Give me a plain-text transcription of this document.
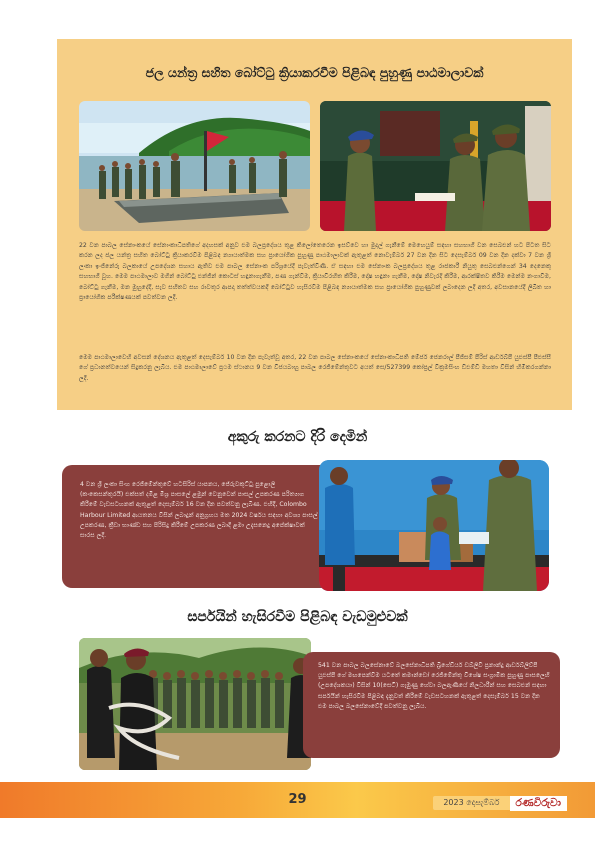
ජල යන්ත්‍ර සහිත බෝට්ටු ක්‍රියාකරවීම පිළිබඳ පුහුණු පාඨමාලාවක්
22 වන පාබල සේනාංකයේ සේනාංකාධිපතිගේ අදහසක් අනුව එම බලප්‍රදේශය තුළ කිලෝතෙරෙන ඉසව්වෙ හා මුදල් ගැනීමේ මෙහෙයුම් සඳහා සහභාගී වන සෙබළුන් හට පිටත සිට කරන ලද ජල යන්ත්‍ර සහිත බෝට්ටු ක්‍රියාකරවීම පිළිබඳ න්‍යායාත්මක සහ ප්‍රායෝගික පුහුණු පාඨමාලාවක් ඇතුළත් නොවැම්බර් 27 වන දින සිට දෙසැම්බර් 09 වන දින දක්වා 7 වන ශ්‍රී ලංකා ඉංජිනේරු බලකායේ උපදේශන සහාය ඇතිව එම පාබල සේනාංක පරිශ්‍රයේදී පැවැත්විණි. ඒ සඳහා එම සේනාංක බලප්‍රදේශය තුළ රාජකාරී නියුතු සෙබළුන්ගෙන් 34 දෙනෙකු සහභාගී වූහ. මෙම පාඨමාලාව මගින් බෝට්ටු එන්ජින් කොටස් හඳුනාගැනීම, පණ ගැන්වීම, ක්‍රියාවිරහිත කිරීම, දෝෂ හඳුනා ගැනීම, දෝෂ නිවැරදි කිරීම, ආරක්ෂිතව කිරීම මෙන්ම නංගාවීම, බෝට්ටු ගැනීම, මන මුහුදේදී, සැව සහිතව සහ රාවතුර ආපදා තත්ත්වයකදී බෝට්ටුව හැසිරවීම පිළිබඳ න්‍යායාත්මක සහ ප්‍රායෝගික පුහුණුවක් ලබාදෙන ලදී අතර, අවසානයේදී ලිඛිත හා ප්‍රායෝගික පරීක්ෂණයක් පවත්වන ලදී.
මෙම පාඨමාලාවෙහි අවසන් දේශනය ඇතුළත් දෙසැම්බර් 10 වන දින පැවැත්වූ අතර, 22 වන පාබල සේනාංකයේ සේනාංකාධිපති මේජර් ජෙනරාල් පීජිසම් පීරිස් ආර්ඩබ්පී යුඑස්පී පීඑස්සී ගේ ප්‍රධානත්වයෙන් සිදුකරනු ලැබිය. එම පාඨමාලාවේ ප්‍රථම ස්ථානය 9 වන විජයබාහු පාබල රෙජිමේන්තුවට අයත් සෙ/527399 කෝප්‍රල් වික්‍රමසිංහ ඩීඑම්ඩී මහතා විසින් හිමිකරගන්නා ලදී.
අකුරු කරනට දිරි දෙමින්
4 වන ශ්‍රී ලංකා සිංහ රෙජිමේන්තුවේ හටසිරිස් යාපනය, ජේරුවකුට්ටු පුළොලි (කංකෙසන්තුරයි) එක්සත් දමිළ මිශ්‍ර පාසලේ ළමුන් වෙනුවෙන් පාසල් උපකරණ පරිත්‍යාග කිරීමේ වැඩසටහනක් ඇතුළත් දෙසැම්බර් 16 වන දින පවත්වනු ලැබිණ. එහිදී, Colombo Harbour Limited ආයතනය විසින් ලබාදුන් අනුග්‍රහය මත 2024 වර්ෂය සඳහා අවශ්‍ය පාසල් උපකරණ, ක්‍රීඩා භාණ්ඩ සහ පිරිසිදු කිරීමේ උපකරණ ලබාදී ළමා උදැසනෙදු අපේක්ෂාවක් සාරස ලදී.
සර්පයින් හැසිරවීම පිළිබඳ වැඩමුළුවක්
541 වන පාබල බලසේනාවේ බලසේනාධිපති බ්‍රිගේඩියර් ඩබ්ලිවී ප්‍රනාන්දු ආර්ඩබ්ලිව්පී යුඑස්පී ගේ මඟපෙන්වීම යටතේ කමාන්ඩෝ රෙජිමේන්තු විශේෂ සංග්‍රාමික පුහුණු පාසලෙහි (උපදේශකයා) විසින් 10(සෙටි) ගැමුණු හේවා බලඇණියේ නිලධාරීන් සහ සෙබළුන් සඳහා සර්පයින් හැසිරවීම පිළිබඳ දැනුවත් කිරීමේ වැඩසටහනක් ඇතුළත් දෙසැම්බර් 15 වන දින එම පාබල බලසේනාවේදී පවත්වනු ලැබිය.
29	2023 දෙසැම්බර්	රණවිරුවා
